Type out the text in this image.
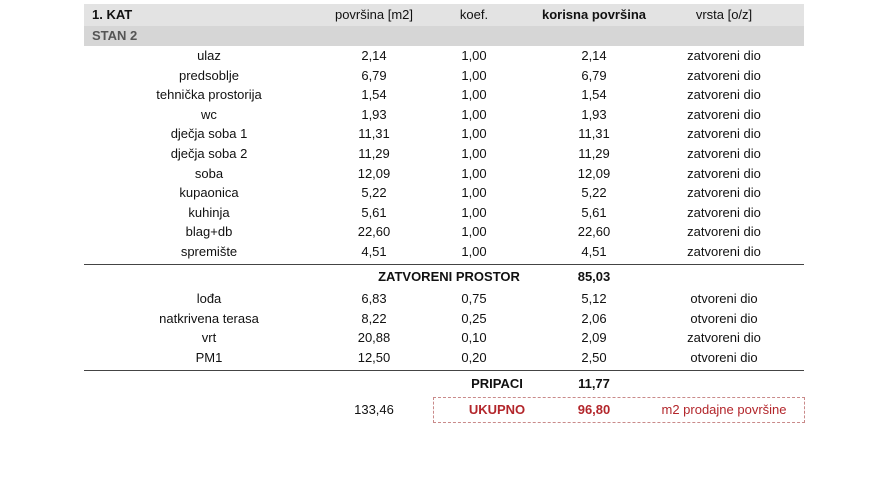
1. KAT	površina [m2]	koef.	korisna površina	vrsta [o/z]
STAN 2
ulaz	2,14	1,00	2,14	zatvoreni dio
predsoblje	6,79	1,00	6,79	zatvoreni dio
tehnička prostorija	1,54	1,00	1,54	zatvoreni dio
wc	1,93	1,00	1,93	zatvoreni dio
dječja soba 1	11,31	1,00	11,31	zatvoreni dio
dječja soba 2	11,29	1,00	11,29	zatvoreni dio
soba	12,09	1,00	12,09	zatvoreni dio
kupaonica	5,22	1,00	5,22	zatvoreni dio
kuhinja	5,61	1,00	5,61	zatvoreni dio
blag+db	22,60	1,00	22,60	zatvoreni dio
spremište	4,51	1,00	4,51	zatvoreni dio
ZATVORENI PROSTOR	85,03
lođa	6,83	0,75	5,12	otvoreni dio
natkrivena terasa	8,22	0,25	2,06	otvoreni dio
vrt	20,88	0,10	2,09	zatvoreni dio
PM1	12,50	0,20	2,50	otvoreni dio
PRIPACI	11,77
133,46	UKUPNO	96,80	m2 prodajne površine
